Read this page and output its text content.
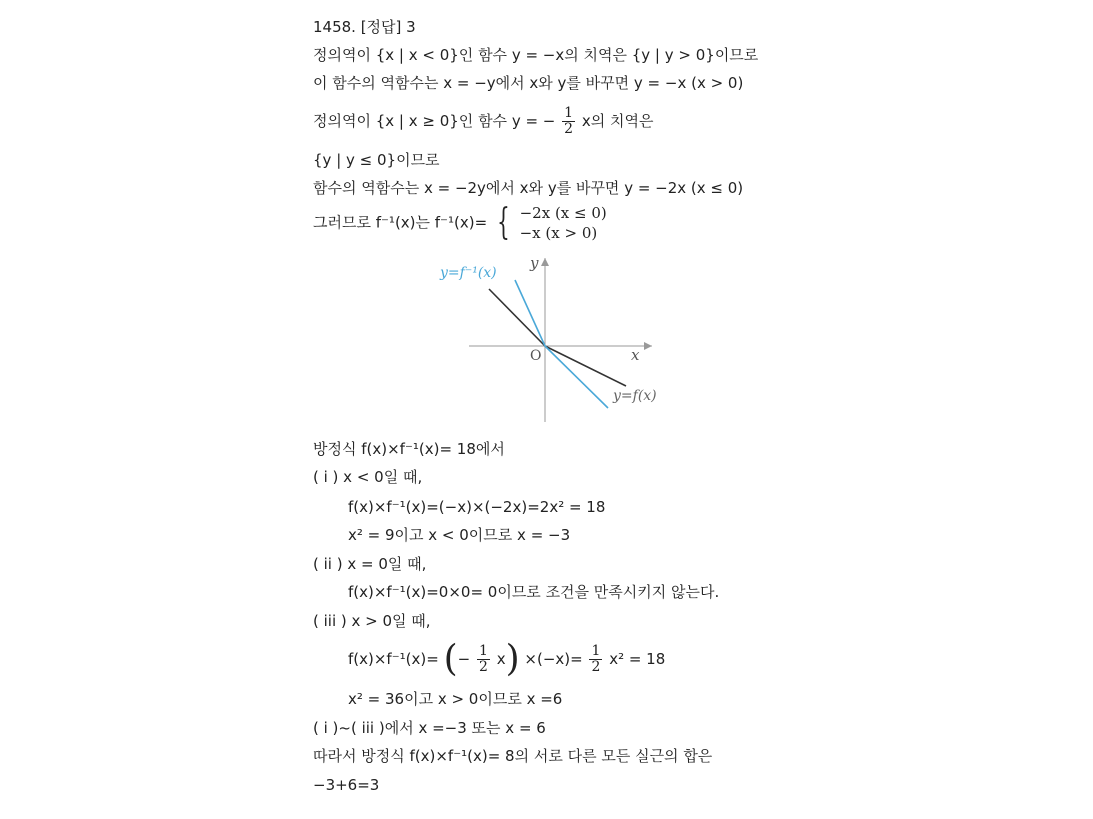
1458. [정답] 3
정의역이 {x | x < 0}인 함수 y = −x의 치역은 {y | y > 0}이므로
이 함수의 역함수는 x = −y에서 x와 y를 바꾸면 y = −x (x > 0)
정의역이 {x | x ≥ 0}인 함수 y = − $\frac{1}{2}$ x의 치역은
{y | y ≤ 0}이므로
함수의 역함수는 x = −2y에서 x와 y를 바꾸면 y = −2x (x ≤ 0)
그러므로 f⁻¹(x)는 f⁻¹(x)= { −2x (x ≤ 0)
−x (x > 0)
y=f⁻¹(x)
y=f(x)
x
y
O
방정식 f(x)×f⁻¹(x)= 18에서
( i ) x < 0일 때,
f(x)×f⁻¹(x)=(−x)×(−2x)=2x² = 18
x² = 9이고 x < 0이므로 x = −3
( ii ) x = 0일 때,
f(x)×f⁻¹(x)=0×0= 0이므로 조건을 만족시키지 않는다.
( iii ) x > 0일 때,
f(x)×f⁻¹(x)= (− $\frac{1}{2} x) \times(-x)= \frac{1}{2} x^2 = 18$
x² = 36이고 x > 0이므로 x =6
( i )~( iii )에서 x =−3 또는 x = 6
따라서 방정식 f(x)×f⁻¹(x)= 8의 서로 다른 모든 실근의 합은
−3+6=3
